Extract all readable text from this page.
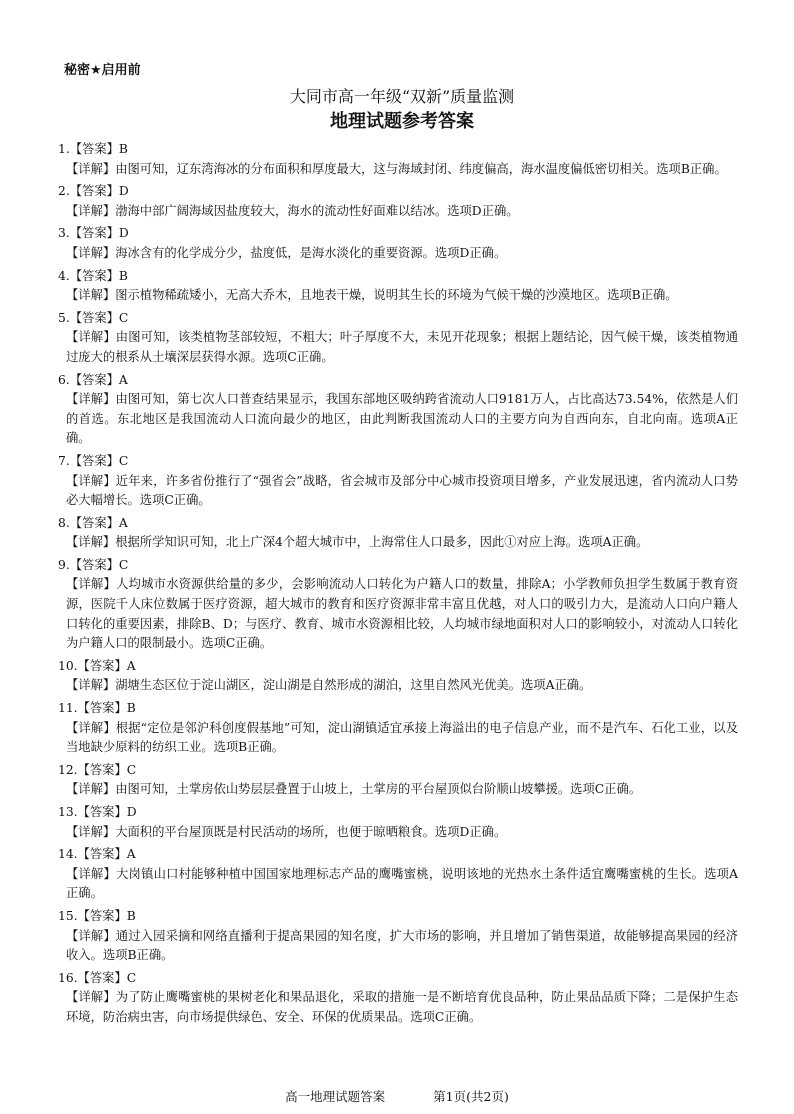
秘密★启用前
大同市高一年级“双新”质量监测
地理试题参考答案
1.【答案】B
【详解】由图可知，辽东湾海冰的分布面积和厚度最大，这与海域封闭、纬度偏高，海水温度偏低密切相关。选项B正确。
2.【答案】D
【详解】渤海中部广阔海域因盐度较大，海水的流动性好面难以结冰。选项D正确。
3.【答案】D
【详解】海冰含有的化学成分少，盐度低，是海水淡化的重要资源。选项D正确。
4.【答案】B
【详解】图示植物稀疏矮小，无高大乔木，且地表干燥，说明其生长的环境为气候干燥的沙漠地区。选项B正确。
5.【答案】C
【详解】由图可知，该类植物茎部较短，不粗大；叶子厚度不大，未见开花现象；根据上题结论，因气候干燥，该类植物通过庞大的根系从土壤深层获得水源。选项C正确。
6.【答案】A
【详解】由图可知，第七次人口普查结果显示，我国东部地区吸纳跨省流动人口9181万人，占比高达73.54%，依然是人们的首选。东北地区是我国流动人口流向最少的地区，由此判断我国流动人口的主要方向为自西向东，自北向南。选项A正确。
7.【答案】C
【详解】近年来，许多省份推行了“强省会”战略，省会城市及部分中心城市投资项目增多，产业发展迅速，省内流动人口势必大幅增长。选项C正确。
8.【答案】A
【详解】根据所学知识可知，北上广深4个超大城市中，上海常住人口最多，因此①对应上海。选项A正确。
9.【答案】C
【详解】人均城市水资源供给量的多少，会影响流动人口转化为户籍人口的数量，排除A；小学教师负担学生数属于教育资源，医院千人床位数属于医疗资源，超大城市的教育和医疗资源非常丰富且优越，对人口的吸引力大，是流动人口向户籍人口转化的重要因素，排除B、D；与医疗、教育、城市水资源相比较，人均城市绿地面积对人口的影响较小，对流动人口转化为户籍人口的限制最小。选项C正确。
10.【答案】A
【详解】湖塘生态区位于淀山湖区，淀山湖是自然形成的湖泊，这里自然风光优美。选项A正确。
11.【答案】B
【详解】根据“定位是邻沪科创度假基地”可知，淀山湖镇适宜承接上海溢出的电子信息产业，而不是汽车、石化工业，以及当地缺少原料的纺织工业。选项B正确。
12.【答案】C
【详解】由图可知，土掌房依山势层层叠置于山坡上，土掌房的平台屋顶似台阶顺山坡攀援。选项C正确。
13.【答案】D
【详解】大面积的平台屋顶既是村民活动的场所，也便于晾晒粮食。选项D正确。
14.【答案】A
【详解】大岗镇山口村能够种植中国国家地理标志产品的鹰嘴蜜桃，说明该地的光热水土条件适宜鹰嘴蜜桃的生长。选项A正确。
15.【答案】B
【详解】通过入园采摘和网络直播利于提高果园的知名度，扩大市场的影响，并且增加了销售渠道，故能够提高果园的经济收入。选项B正确。
16.【答案】C
【详解】为了防止鹰嘴蜜桃的果树老化和果品退化，采取的措施一是不断培育优良品种，防止果品品质下降；二是保护生态环境，防治病虫害，向市场提供绿色、安全、环保的优质果品。选项C正确。
高一地理试题答案	第1页(共2页)
